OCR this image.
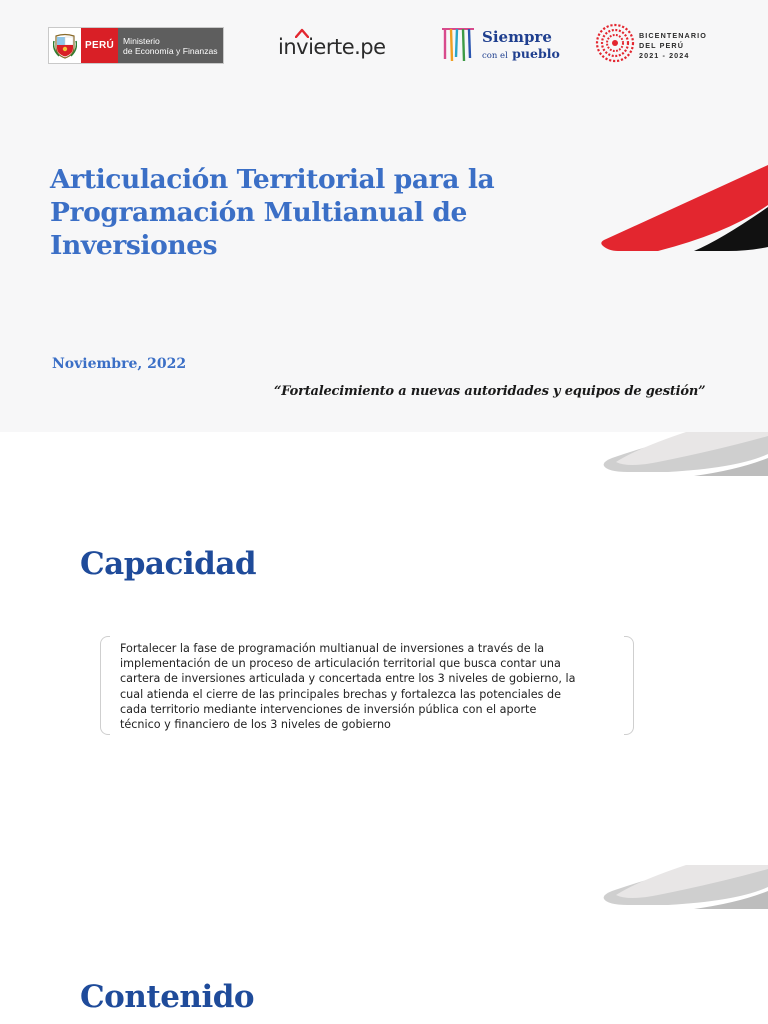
PERÚ	Ministerio
de Economía y Finanzas	invierte.pe	Siempre
con el pueblo
BICENTENARIO
DEL PERÚ
2021 - 2024
Articulación Territorial para la
Programación Multianual de
Inversiones
Noviembre, 2022
“Fortalecimiento a nuevas autoridades y equipos de gestión”
Capacidad

Fortalecer la fase de programación multianual de inversiones a través de la
implementación de un proceso de articulación territorial que busca contar una
cartera de inversiones articulada y concertada entre los 3 niveles de gobierno, la
cual atienda el cierre de las principales brechas y fortalezca las potenciales de
cada territorio mediante intervenciones de inversión pública con el aporte
técnico y financiero de los 3 niveles de gobierno

Contenido
